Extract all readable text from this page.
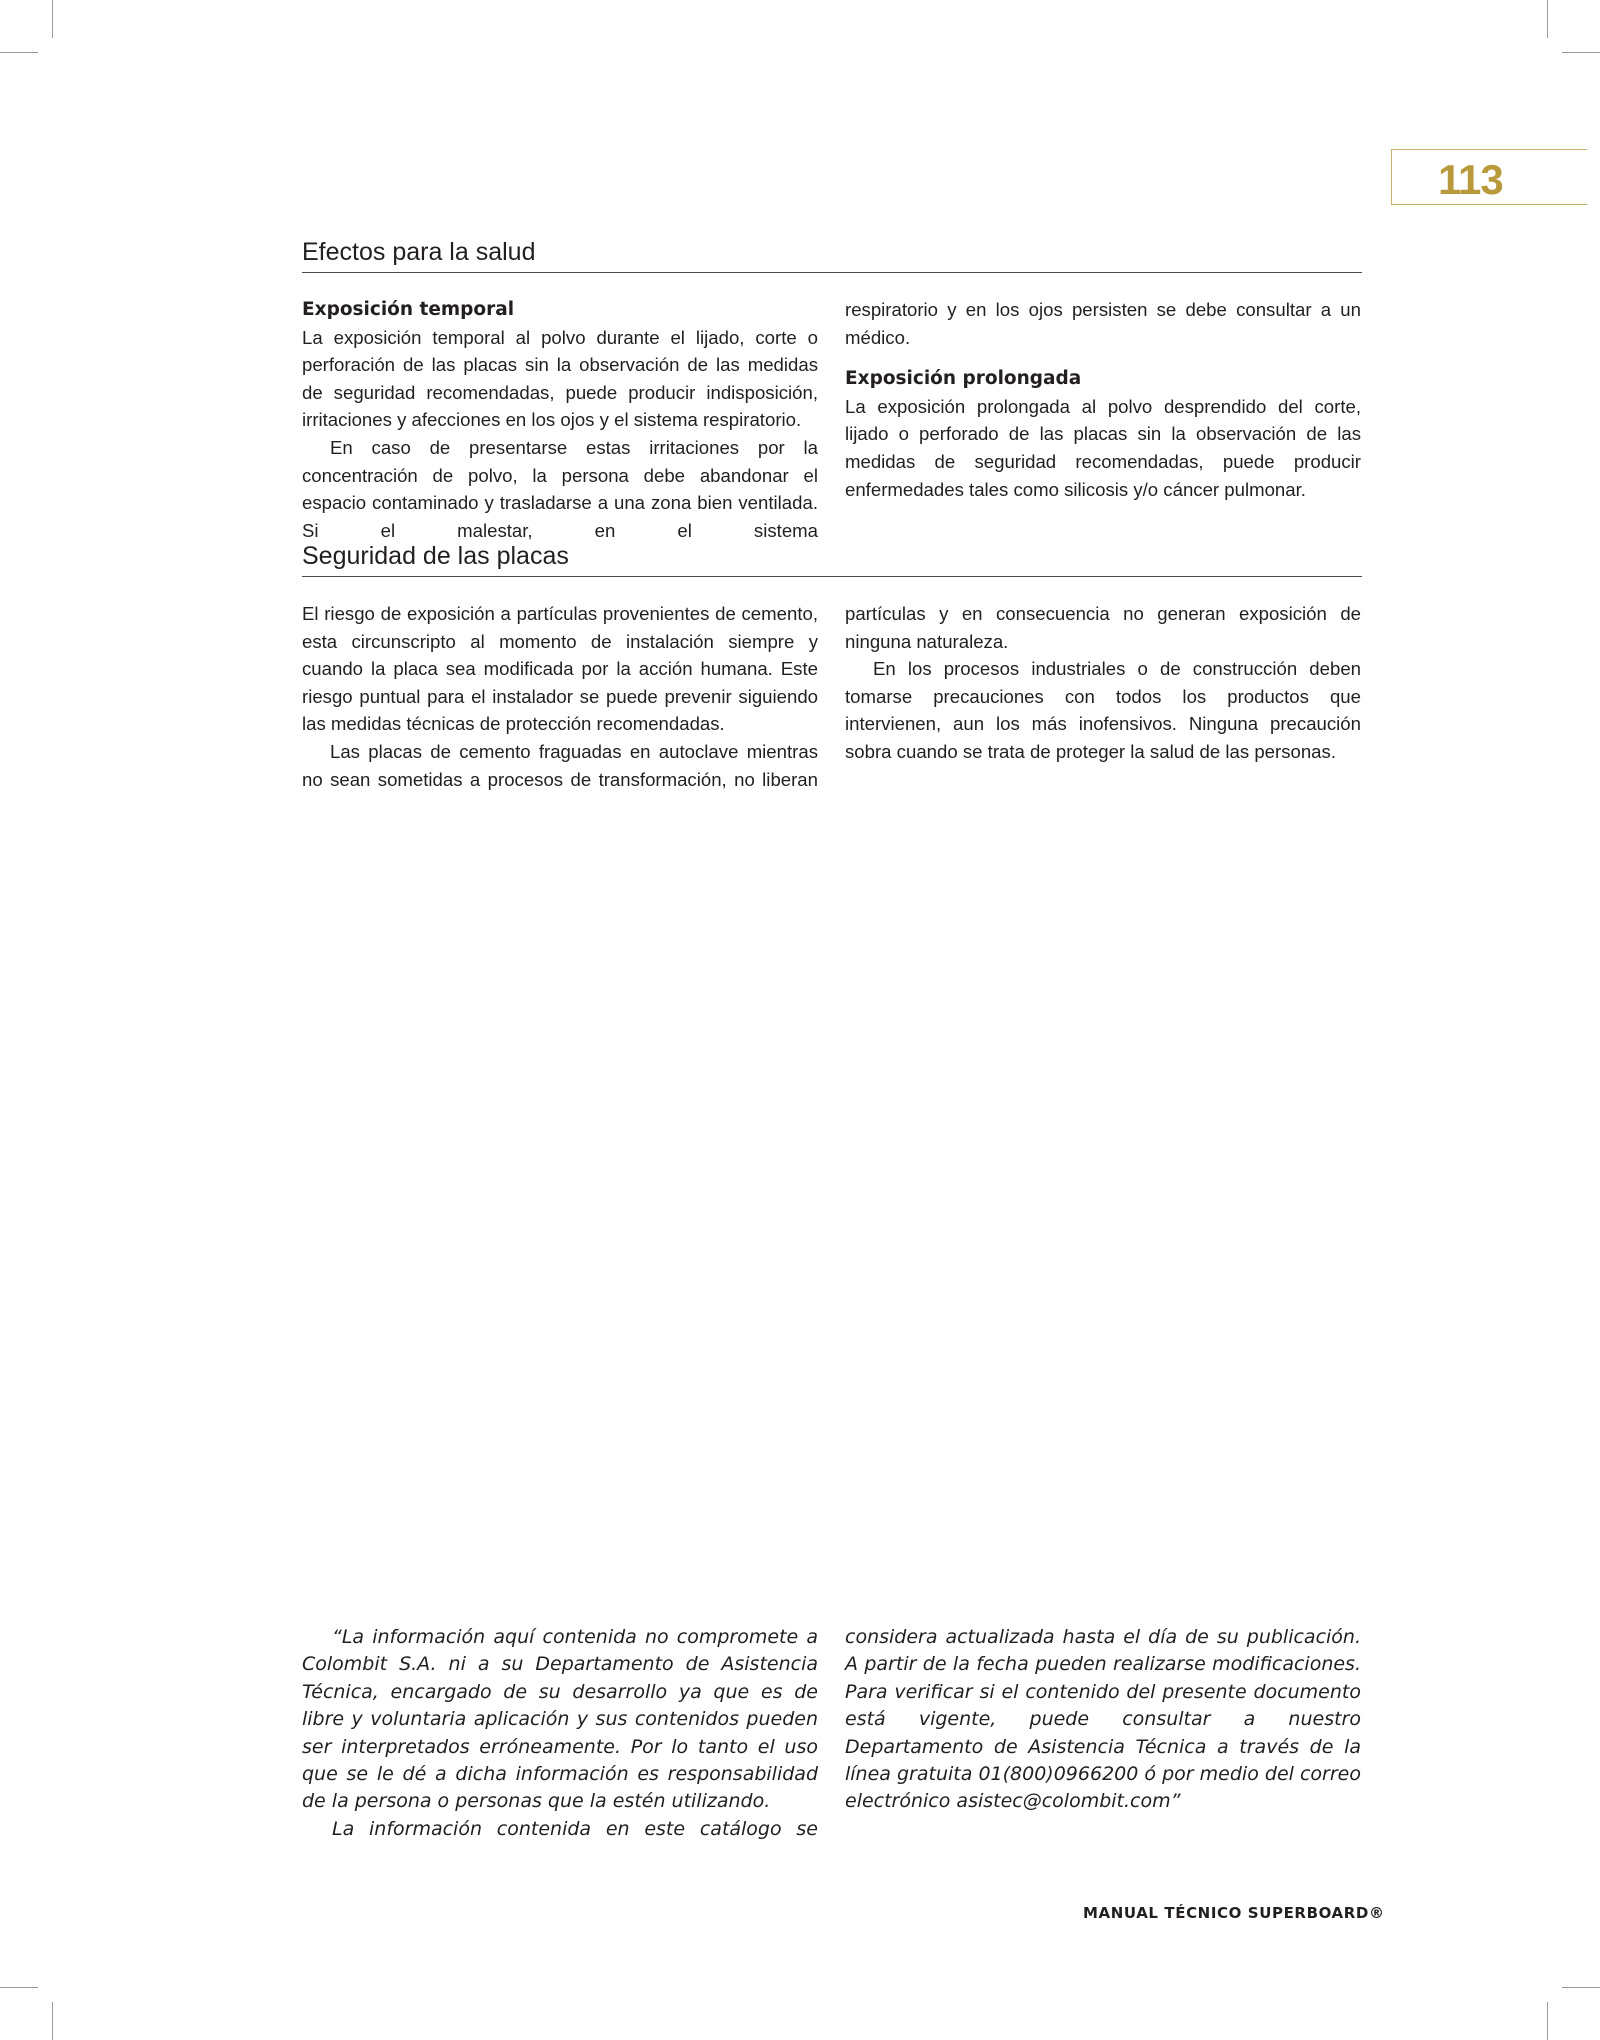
113
Efectos para la salud
Exposición temporal

La exposición temporal al polvo durante el lijado, corte o perforación de las placas sin la observación de las medidas de seguridad recomendadas, puede producir indisposición, irritaciones y afecciones en los ojos y el sistema respiratorio.

En caso de presentarse estas irritaciones por la concentración de polvo, la persona debe abandonar el espacio contaminado y trasladarse a una zona bien ventilada. Si el malestar, en el sistema

respiratorio y en los ojos persisten se debe consultar a un médico.

Exposición prolongada

La exposición prolongada al polvo desprendido del corte, lijado o perforado de las placas sin la observación de las medidas de seguridad recomendadas, puede producir enfermedades tales como silicosis y/o cáncer pulmonar.

Seguridad de las placas

El riesgo de exposición a partículas provenientes de cemento, esta circunscripto al momento de instalación siempre y cuando la placa sea modificada por la acción humana. Este riesgo puntual para el instalador se puede prevenir siguiendo las medidas técnicas de protección recomendadas.

Las placas de cemento fraguadas en autoclave mientras no sean sometidas a procesos de transformación, no liberan

partículas y en consecuencia no generan exposición de ninguna naturaleza.

En los procesos industriales o de construcción deben tomarse precauciones con todos los productos que intervienen, aun los más inofensivos. Ninguna precaución sobra cuando se trata de proteger la salud de las personas.

“La información aquí contenida no compromete a Colombit S.A. ni a su Departamento de Asistencia Técnica, encargado de su desarrollo ya que es de libre y voluntaria aplicación y sus contenidos pueden ser interpretados erróneamente. Por lo tanto el uso que se le dé a dicha información es responsabilidad de la persona o personas que la estén utilizando.

La información contenida en este catálogo se

considera actualizada hasta el día de su publicación. A partir de la fecha pueden realizarse modificaciones. Para verificar si el contenido del presente documento está vigente, puede consultar a nuestro Departamento de Asistencia Técnica a través de la línea gratuita 01(800)0966200 ó por medio del correo electrónico asistec@colombit.com”

MANUAL TÉCNICO SUPERBOARD®
